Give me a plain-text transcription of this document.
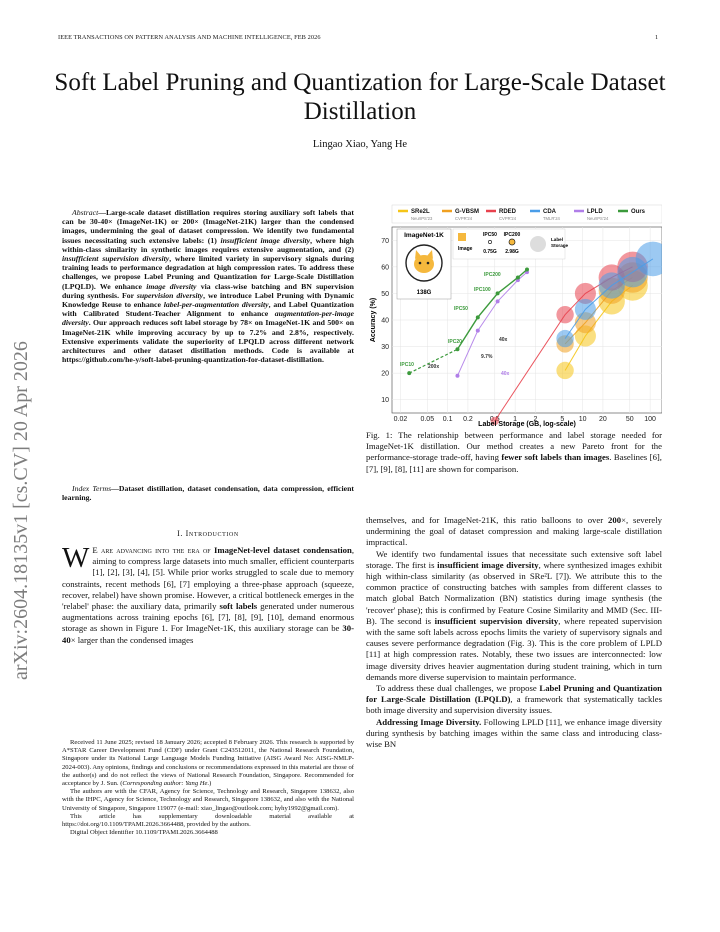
IEEE TRANSACTIONS ON PATTERN ANALYSIS AND MACHINE INTELLIGENCE, FEB 2026	1
Soft Label Pruning and Quantization for Large-Scale Dataset Distillation
Lingao Xiao, Yang He
arXiv:2604.18135v1 [cs.CV] 20 Apr 2026
Abstract—Large-scale dataset distillation requires storing auxiliary soft labels that can be 30-40× (ImageNet-1K) or 200× (ImageNet-21K) larger than the condensed images, undermining the goal of dataset compression. We identify two fundamental issues necessitating such extensive labels: (1) insufficient image diversity, where high within-class similarity in synthetic images requires extensive augmentation, and (2) insufficient supervision diversity, where limited variety in supervisory signals during training leads to performance degradation at high compression rates. To address these challenges, we propose Label Pruning and Quantization for Large-Scale Distillation (LPQLD). We enhance image diversity via class-wise batching and BN supervision during synthesis. For supervision diversity, we introduce Label Pruning with Dynamic Knowledge Reuse to enhance label-per-augmentation diversity, and Label Quantization with Calibrated Student-Teacher Alignment to enhance augmentation-per-image diversity. Our approach reduces soft label storage by 78× on ImageNet-1K and 500× on ImageNet-21K while improving accuracy by up to 7.2% and 2.8%, respectively. Extensive experiments validate the superiority of LPQLD across different network architectures and other dataset distillation methods. Code is available at https://github.com/he-y/soft-label-pruning-quantization-for-dataset-distillation.
Index Terms—Dataset distillation, dataset condensation, data compression, efficient learning.
I. Introduction
W E are advancing into the era of ImageNet-level dataset condensation, aiming to compress large datasets into much smaller, efficient counterparts [1], [2], [3], [4], [5]. While prior works struggled to scale due to memory constraints, recent methods [6], [7] employing a three-phase approach (squeeze, recover, relabel) have shown promise. However, a critical bottleneck emerges in the 'relabel' phase: the auxiliary data, primarily soft labels generated under numerous augmentations across training epochs [6], [7], [8], [9], [10], demand enormous storage as shown in Figure 1. For ImageNet-1K, this auxiliary storage can be 30-40× larger than the condensed images
Received 11 June 2025; revised 18 January 2026; accepted 8 February 2026. This research is supported by A*STAR Career Development Fund (CDF) under Grant C243512011, the National Research Foundation, Singapore under its National Large Language Models Funding Initiative (AISG Award No: AISG-NMLP-2024-003). Any opinions, findings and conclusions or recommendations expressed in this material are those of the author(s) and do not reflect the views of National Research Foundation, Singapore. Recommended for acceptance by J. Sun. (Corresponding author: Yang He.)
The authors are with the CFAR, Agency for Science, Technology and Research, Singapore 138632, also with the IHPC, Agency for Science, Technology and Research, Singapore 138632, and also with the National University of Singapore, Singapore 119077 (e-mail: xiao_lingao@outlook.com; hyhy1992@gmail.com).
This article has supplementary downloadable material available at https://doi.org/10.1109/TPAMI.2026.3664488, provided by the authors.
Digital Object Identifier 10.1109/TPAMI.2026.3664488
10
20
30
40
50
60
70
0.02 0.05 0.1 0.2	1 2	5 10 20	50 100
SRe2L
NeurIPS'23
G-VBSM
CVPR'24
RDED
CVPR'24
CDA
TMLR'24
LPLD
NeurIPS'24
Ours
ImageNet-1K
138G
Image
IPC50
0.75G
IPC200
2.98G
Label
Storage
IPC200
IPC100
IPC50
IPC20
IPC10
40x
200x
40x
9.7%
Accuracy (%)
Label Storage (GB, log-scale)
Fig. 1: The relationship between performance and label storage needed for ImageNet-1K distillation. Our method creates a new Pareto front for the performance-storage trade-off, having fewer soft labels than images. Baselines [6], [7], [9], [8], [11] are shown for comparison.

themselves, and for ImageNet-21K, this ratio balloons to over 200×, severely undermining the goal of dataset compression and making large-scale distillation impractical.

We identify two fundamental issues that necessitate such extensive soft label storage. The first is insufficient image diversity, where synthesized images exhibit high within-class similarity (as observed in SRe²L [7]). We attribute this to the common practice of constructing batches with samples from different classes to match global Batch Normalization (BN) statistics during image synthesis (the 'recover' phase); this is confirmed by Feature Cosine Similarity and MMD (Sec. III-B). The second is insufficient supervision diversity, where repeated supervision with the same soft labels across epochs limits the variety of supervisory signals and causes severe performance degradation (Fig. 3). This is the core problem of LPLD [11] at high compression rates. Notably, these two issues are interconnected: low image diversity drives heavier augmentation during student training, which in turn demands more diverse supervision to maintain performance.

To address these dual challenges, we propose Label Pruning and Quantization for Large-Scale Distillation (LPQLD), a framework that systematically tackles both image diversity and supervision diversity issues.

Addressing Image Diversity. Following LPLD [11], we enhance image diversity during synthesis by batching images within the same class and introducing class-wise BN
